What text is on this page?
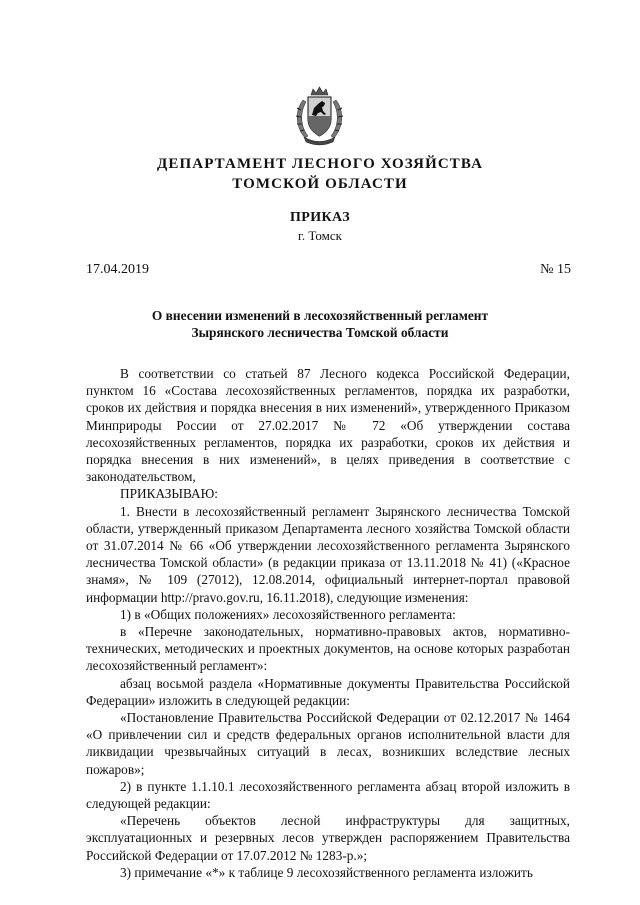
ДЕПАРТАМЕНТ ЛЕСНОГО ХОЗЯЙСТВА
ТОМСКОЙ ОБЛАСТИ
ПРИКАЗ
г. Томск
17.04.2019	№ 15
О внесении изменений в лесохозяйственный регламент
Зырянского лесничества Томской области

В соответствии со статьей 87 Лесного кодекса Российской Федерации, пунктом 16 «Состава лесохозяйственных регламентов, порядка их разработки, сроков их действия и порядка внесения в них изменений», утвержденного Приказом Минприроды России от 27.02.2017 № 72 «Об утверждении состава лесохозяйственных регламентов, порядка их разработки, сроков их действия и порядка внесения в них изменений», в целях приведения в соответствие с законодательством,

ПРИКАЗЫВАЮ:

1. Внести в лесохозяйственный регламент Зырянского лесничества Томской области, утвержденный приказом Департамента лесного хозяйства Томской области от 31.07.2014 № 66 «Об утверждении лесохозяйственного регламента Зырянского лесничества Томской области» (в редакции приказа от 13.11.2018 № 41) («Красное знамя», № 109 (27012), 12.08.2014, официальный интернет-портал правовой информации http://pravo.gov.ru, 16.11.2018), следующие изменения:

1) в «Общих положениях» лесохозяйственного регламента:

в «Перечне законодательных, нормативно-правовых актов, нормативно-технических, методических и проектных документов, на основе которых разработан лесохозяйственный регламент»:

абзац восьмой раздела «Нормативные документы Правительства Российской Федерации» изложить в следующей редакции:

«Постановление Правительства Российской Федерации от 02.12.2017 № 1464 «О привлечении сил и средств федеральных органов исполнительной власти для ликвидации чрезвычайных ситуаций в лесах, возникших вследствие лесных пожаров»;

2) в пункте 1.1.10.1 лесохозяйственного регламента абзац второй изложить в следующей редакции:

«Перечень объектов лесной инфраструктуры для защитных, эксплуатационных и резервных лесов утвержден распоряжением Правительства Российской Федерации от 17.07.2012 № 1283-р.»;

3) примечание «*» к таблице 9 лесохозяйственного регламента изложить
